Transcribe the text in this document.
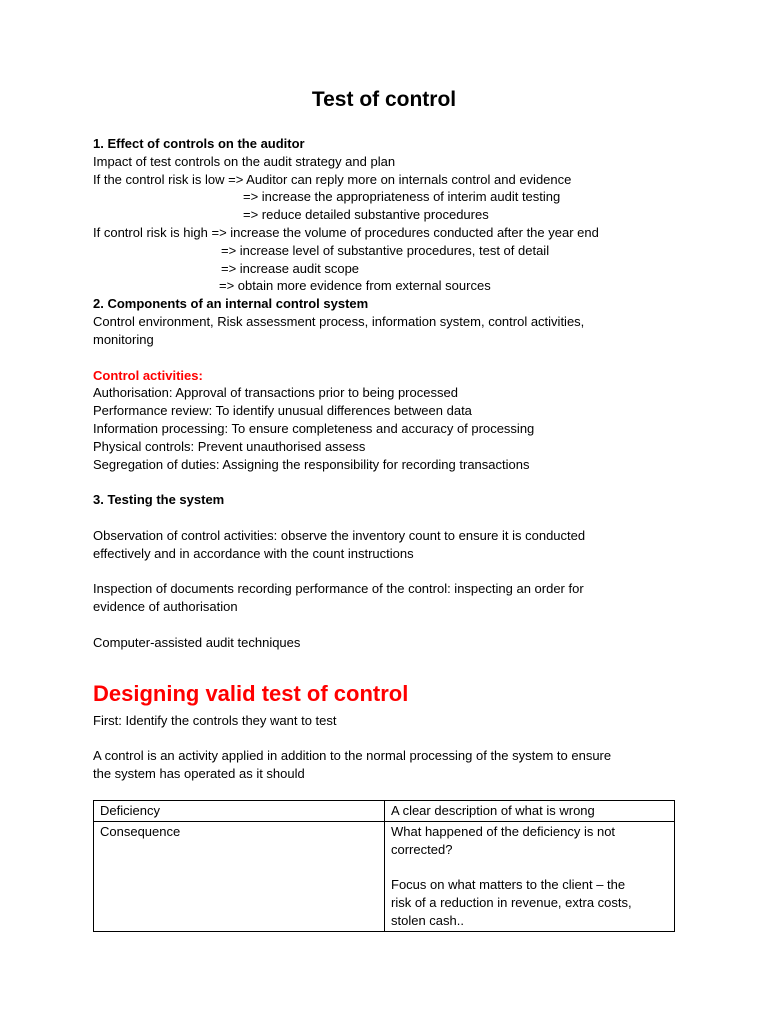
Test of control
1. Effect of controls on the auditor
Impact of test controls on the audit strategy and plan
If the control risk is low => Auditor can reply more on internals control and evidence
=> increase the appropriateness of interim audit testing
=> reduce detailed substantive procedures
If control risk is high => increase the volume of procedures conducted after the year end
=> increase level of substantive procedures, test of detail
=> increase audit scope
=> obtain more evidence from external sources
2. Components of an internal control system
Control environment, Risk assessment process, information system, control activities,
monitoring
Control activities:
Authorisation: Approval of transactions prior to being processed
Performance review: To identify unusual differences between data
Information processing: To ensure completeness and accuracy of processing
Physical controls: Prevent unauthorised assess
Segregation of duties: Assigning the responsibility for recording transactions
3. Testing the system
Observation of control activities: observe the inventory count to ensure it is conducted
effectively and in accordance with the count instructions
Inspection of documents recording performance of the control: inspecting an order for
evidence of authorisation
Computer-assisted audit techniques
Designing valid test of control
First: Identify the controls they want to test
A control is an activity applied in addition to the normal processing of the system to ensure
the system has operated as it should
Deficiency	A clear description of what is wrong
Consequence	What happened of the deficiency is not
corrected?
Focus on what matters to the client – the
risk of a reduction in revenue, extra costs,
stolen cash..
